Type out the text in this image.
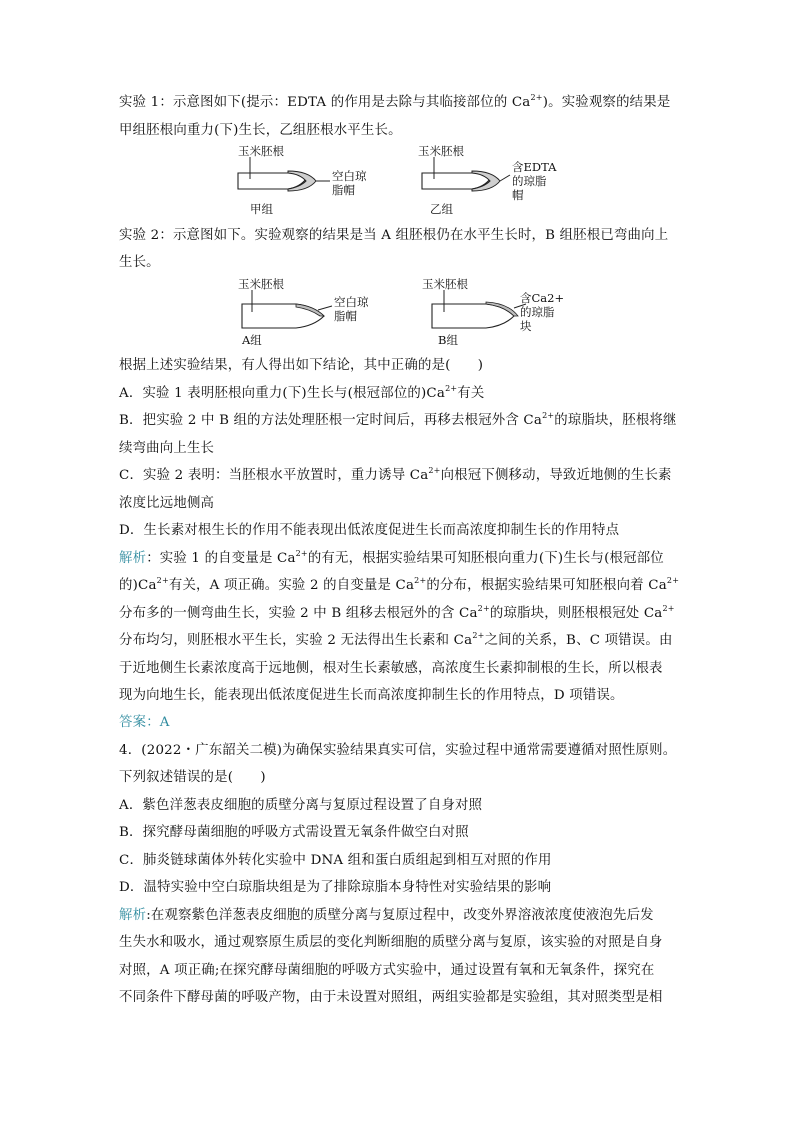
实验 1：示意图如下(提示：EDTA 的作用是去除与其临接部位的 $Ca^{2+}$)。实验观察的结果是
甲组胚根向重力(下)生长，乙组胚根水平生长。
玉米胚根
空白琼
脂帽
甲组
玉米胚根
含EDTA
的琼脂
帽
乙组
实验 2：示意图如下。实验观察的结果是当 A 组胚根仍在水平生长时，B 组胚根已弯曲向上
生长。
玉米胚根
空白琼
脂帽
A组
玉米胚根
含Ca2+
的琼脂
块
B组
根据上述实验结果，有人得出如下结论，其中正确的是(　　)
A．实验 1 表明胚根向重力(下)生长与(根冠部位的)$Ca^{2+}$有关
B．把实验 2 中 B 组的方法处理胚根一定时间后，再移去根冠外含 $Ca^{2+}$的琼脂块，胚根将继
续弯曲向上生长
C．实验 2 表明：当胚根水平放置时，重力诱导 $Ca^{2+}$向根冠下侧移动，导致近地侧的生长素
浓度比远地侧高
D．生长素对根生长的作用不能表现出低浓度促进生长而高浓度抑制生长的作用特点
解析：实验 1 的自变量是 $Ca^{2+}$的有无，根据实验结果可知胚根向重力(下)生长与(根冠部位
的)$Ca^{2+}$有关，A 项正确。实验 2 的自变量是 $Ca^{2+}$的分布，根据实验结果可知胚根向着 $Ca^{2+}$
分布多的一侧弯曲生长，实验 2 中 B 组移去根冠外的含 $Ca^{2+}$的琼脂块，则胚根根冠处 $Ca^{2+}$
分布均匀，则胚根水平生长，实验 2 无法得出生长素和 $Ca^{2+}$之间的关系，B、C 项错误。由
于近地侧生长素浓度高于远地侧，根对生长素敏感，高浓度生长素抑制根的生长，所以根表
现为向地生长，能表现出低浓度促进生长而高浓度抑制生长的作用特点，D 项错误。
答案：A
4．(2022・广东韶关二模)为确保实验结果真实可信，实验过程中通常需要遵循对照性原则。
下列叙述错误的是(　　)
A．紫色洋葱表皮细胞的质壁分离与复原过程设置了自身对照
B．探究酵母菌细胞的呼吸方式需设置无氧条件做空白对照
C．肺炎链球菌体外转化实验中 DNA 组和蛋白质组起到相互对照的作用
D．温特实验中空白琼脂块组是为了排除琼脂本身特性对实验结果的影响
解析:在观察紫色洋葱表皮细胞的质壁分离与复原过程中，改变外界溶液浓度使液泡先后发
生失水和吸水，通过观察原生质层的变化判断细胞的质壁分离与复原，该实验的对照是自身
对照，A 项正确;在探究酵母菌细胞的呼吸方式实验中，通过设置有氧和无氧条件，探究在
不同条件下酵母菌的呼吸产物，由于未设置对照组，两组实验都是实验组，其对照类型是相
